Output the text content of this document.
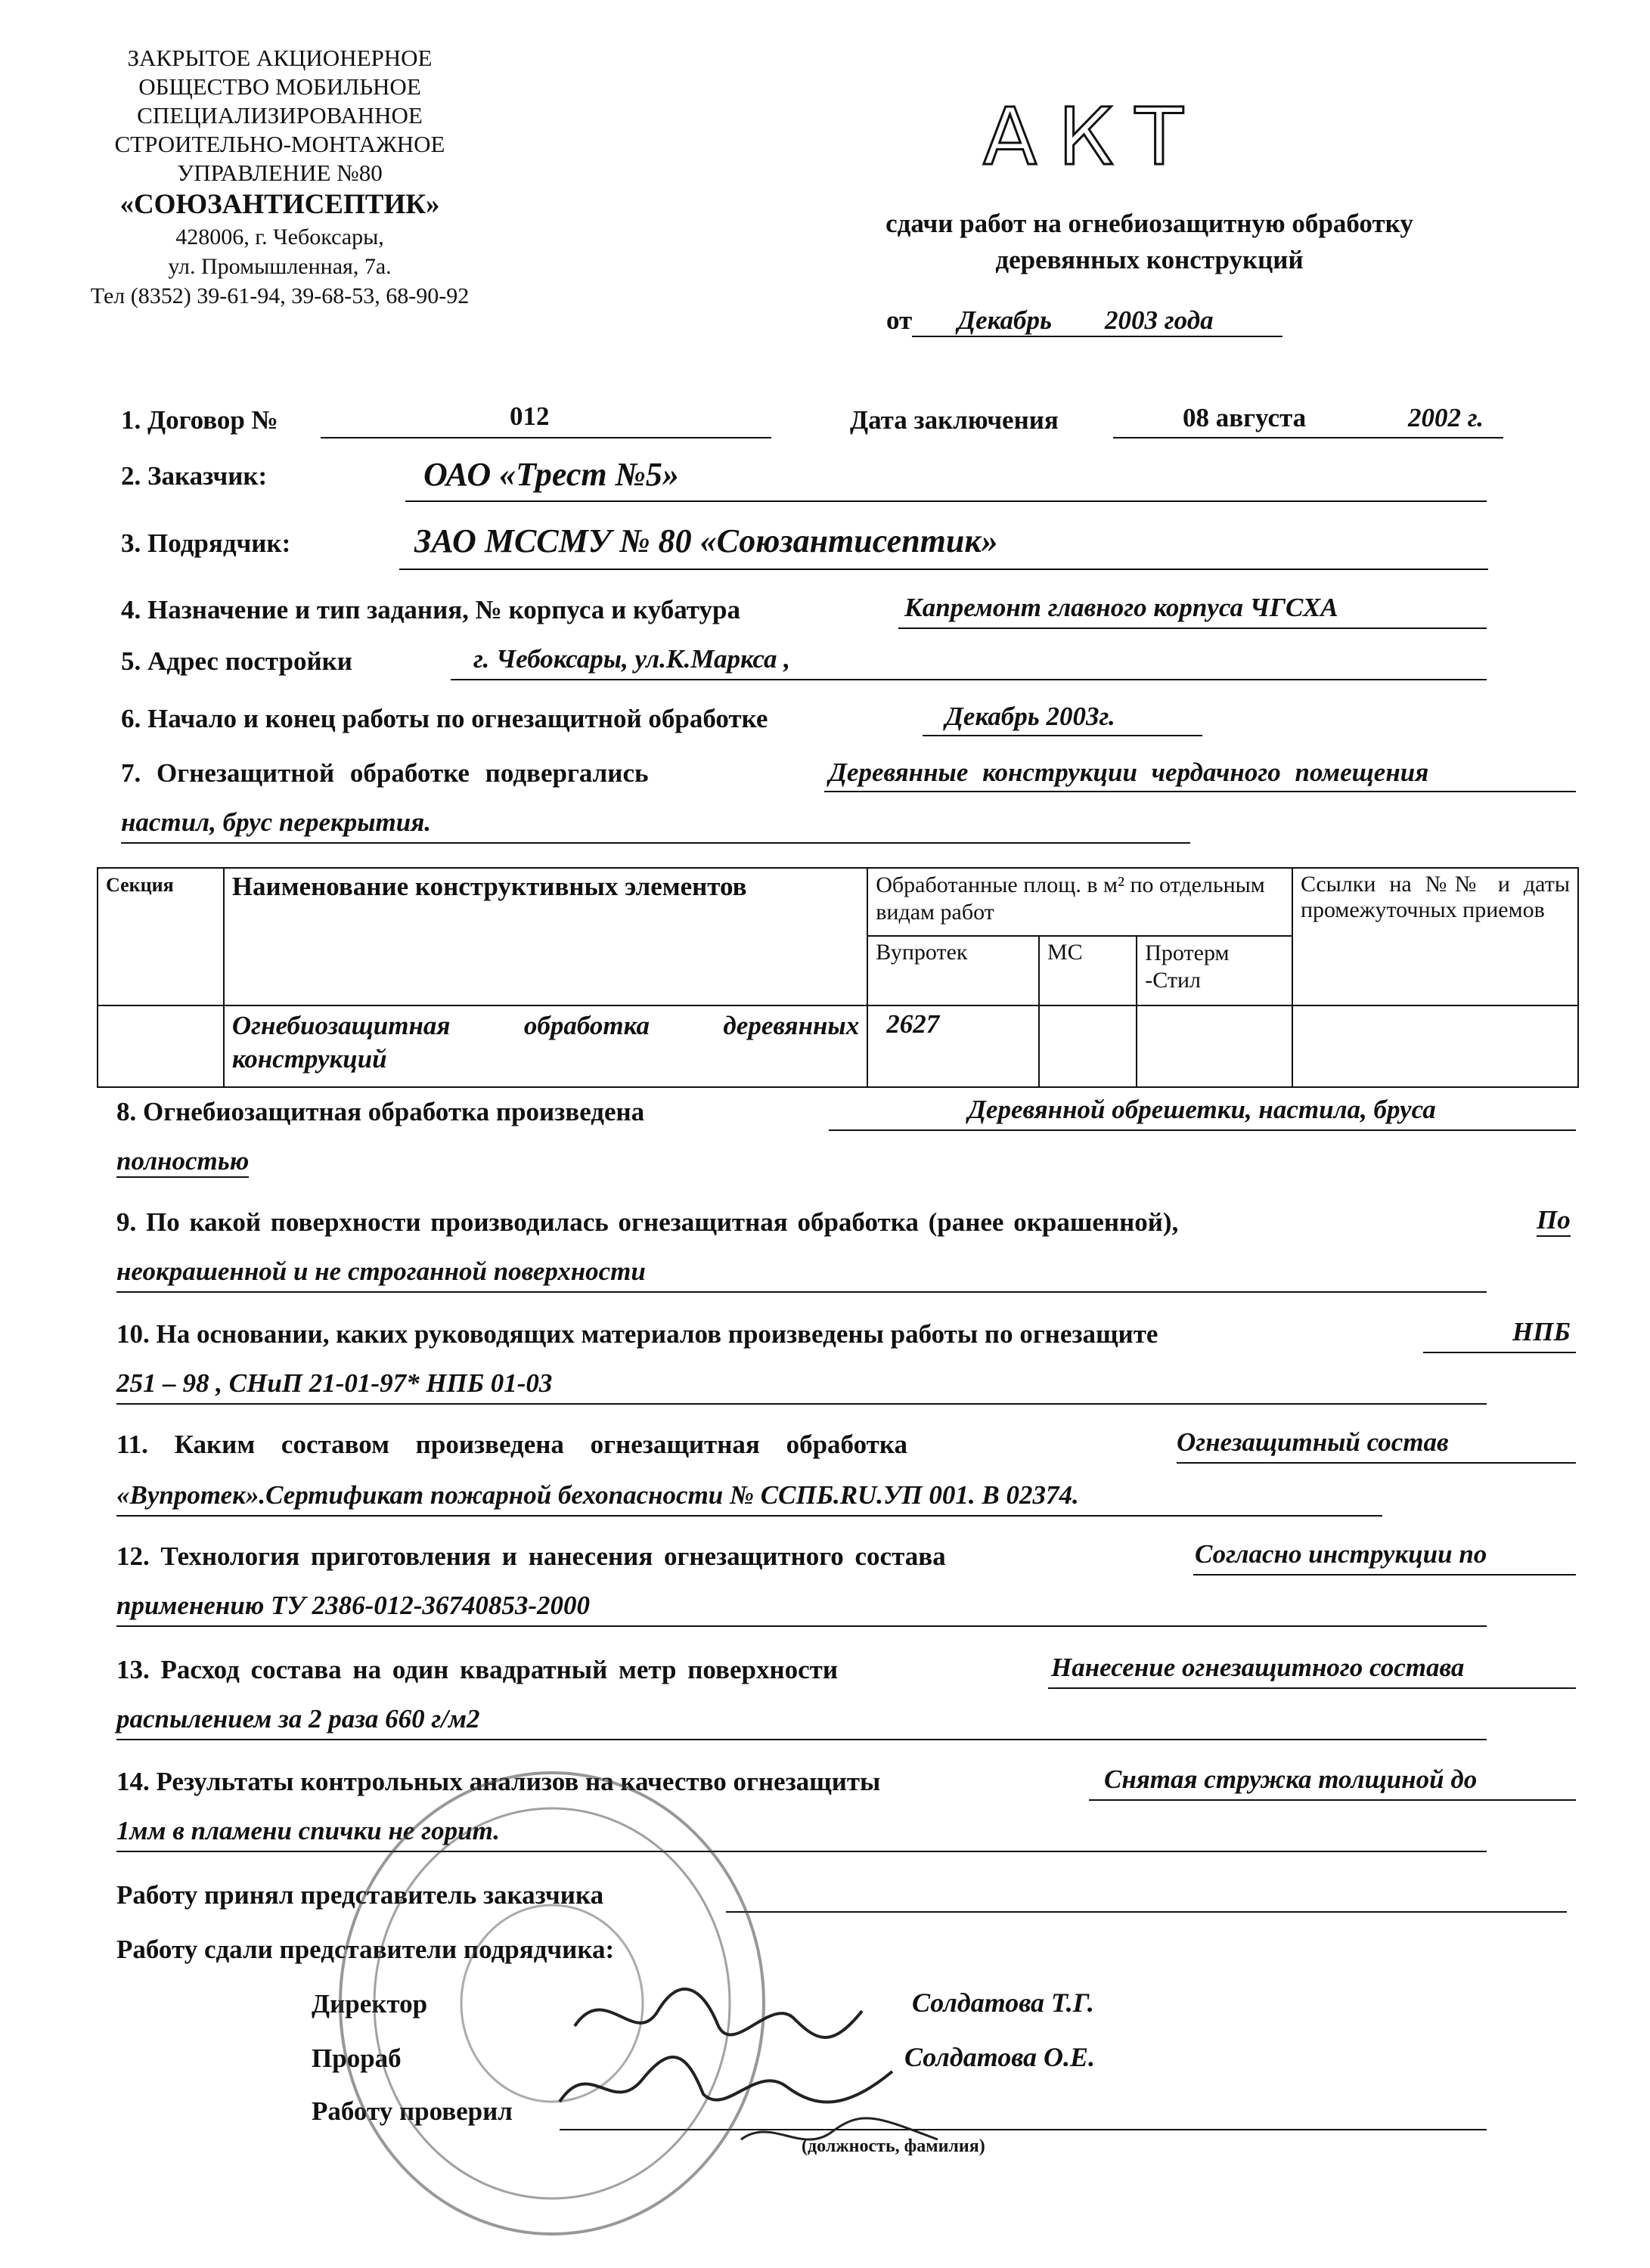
ЗАКРЫТОЕ АКЦИОНЕРНОЕ
ОБЩЕСТВО МОБИЛЬНОЕ
СПЕЦИАЛИЗИРОВАННОЕ
СТРОИТЕЛЬНО-МОНТАЖНОЕ
УПРАВЛЕНИЕ №80
«СОЮЗАНТИСЕПТИК»
428006, г. Чебоксары,
ул. Промышленная, 7а.
Тел (8352) 39-61-94, 39-68-53, 68-90-92
АКТ
сдачи работ на огнебиозащитную обработку
деревянных конструкций
от Декабрь 2003 года
1. Договор №	012	Дата заключения	08 августа	2002 г.
2. Заказчик:	ОАО «Трест №5»
3. Подрядчик:	ЗАО МССМУ № 80 «Союзантисептик»
4. Назначение и тип задания, № корпуса и кубатура	Капремонт главного корпуса ЧГСХА
5. Адрес постройки	г. Чебоксары, ул.К.Маркса ,
6. Начало и конец работы по огнезащитной обработке	Декабрь 2003г.
7. Огнезащитной обработке подвергались	Деревянные конструкции чердачного помещения
настил, брус перекрытия.
Секция	Наименование конструктивных элементов	Обработанные площ. в м² по отдельным видам работ			Ссылки на №№ и даты промежуточных приемов
		Вупротек	МС	Протерм -Стил	
	Огнебиозащитная обработка деревянных конструкций	2627			
8. Огнебиозащитная обработка произведена	Деревянной обрешетки, настила, бруса
полностью
9. По какой поверхности производилась огнезащитная обработка (ранее окрашенной),	По
неокрашенной и не строганной поверхности
10. На основании, каких руководящих материалов произведены работы по огнезащите	НПБ
251 – 98 , СНиП 21-01-97* НПБ 01-03
11. Каким составом произведена огнезащитная обработка	Огнезащитный состав
«Вупротек».Сертификат пожарной бехопасности № ССПБ.RU.УП 001. В 02374.
12. Технология приготовления и нанесения огнезащитного состава	Согласно инструкции по
применению ТУ 2386-012-36740853-2000
13. Расход состава на один квадратный метр поверхности	Нанесение огнезащитного состава
распылением за 2 раза 660 г/м2
14. Результаты контрольных анализов на качество огнезащиты	Снятая стружка толщиной до
1мм в пламени спички не горит.
Работу принял представитель заказчика
Работу сдали представители подрядчика:
Директор	Солдатова Т.Г.
Прораб	Солдатова О.Е.
Работу проверил
(должность, фамилия)
